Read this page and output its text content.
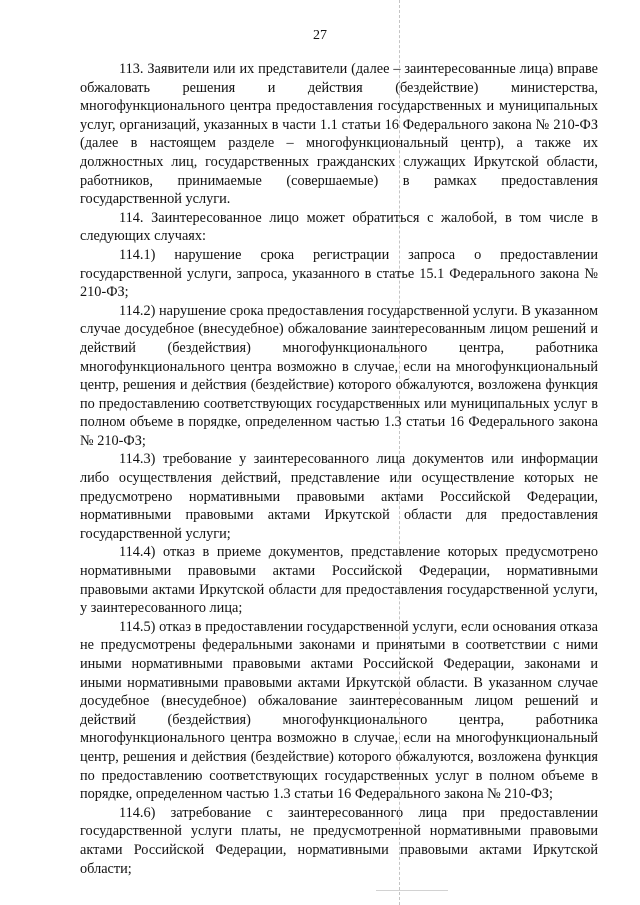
27

113. Заявители или их представители (далее – заинтересованные лица) вправе обжаловать решения и действия (бездействие) министерства, многофункционального центра предоставления государственных и муниципальных услуг, организаций, указанных в части 1.1 статьи 16 Федерального закона № 210-ФЗ (далее в настоящем разделе – многофункциональный центр), а также их должностных лиц, государственных гражданских служащих Иркутской области, работников, принимаемые (совершаемые) в рамках предоставления государственной услуги.

114. Заинтересованное лицо может обратиться с жалобой, в том числе в следующих случаях:

114.1) нарушение срока регистрации запроса о предоставлении государственной услуги, запроса, указанного в статье 15.1 Федерального закона № 210-ФЗ;

114.2) нарушение срока предоставления государственной услуги. В указанном случае досудебное (внесудебное) обжалование заинтересованным лицом решений и действий (бездействия) многофункционального центра, работника многофункционального центра возможно в случае, если на многофункциональный центр, решения и действия (бездействие) которого обжалуются, возложена функция по предоставлению соответствующих государственных или муниципальных услуг в полном объеме в порядке, определенном частью 1.3 статьи 16 Федерального закона № 210-ФЗ;

114.3) требование у заинтересованного лица документов или информации либо осуществления действий, представление или осуществление которых не предусмотрено нормативными правовыми актами Российской Федерации, нормативными правовыми актами Иркутской области для предоставления государственной услуги;

114.4) отказ в приеме документов, представление которых предусмотрено нормативными правовыми актами Российской Федерации, нормативными правовыми актами Иркутской области для предоставления государственной услуги, у заинтересованного лица;

114.5) отказ в предоставлении государственной услуги, если основания отказа не предусмотрены федеральными законами и принятыми в соответствии с ними иными нормативными правовыми актами Российской Федерации, законами и иными нормативными правовыми актами Иркутской области. В указанном случае досудебное (внесудебное) обжалование заинтересованным лицом решений и действий (бездействия) многофункционального центра, работника многофункционального центра возможно в случае, если на многофункциональный центр, решения и действия (бездействие) которого обжалуются, возложена функция по предоставлению соответствующих государственных услуг в полном объеме в порядке, определенном частью 1.3 статьи 16 Федерального закона № 210-ФЗ;

114.6) затребование с заинтересованного лица при предоставлении государственной услуги платы, не предусмотренной нормативными правовыми актами Российской Федерации, нормативными правовыми актами Иркутской области;
